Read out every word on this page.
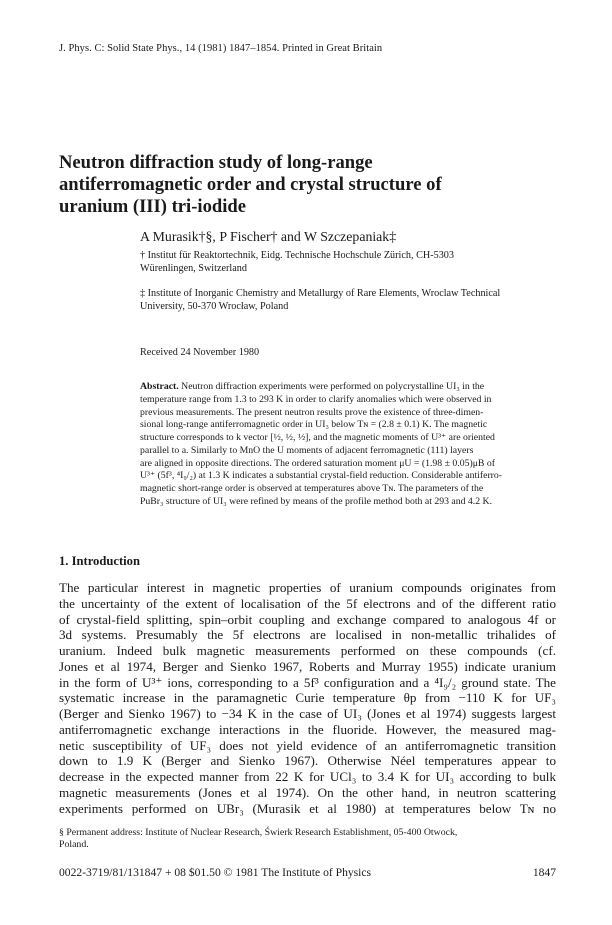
J. Phys. C: Solid State Phys., 14 (1981) 1847–1854. Printed in Great Britain
Neutron diffraction study of long-range
antiferromagnetic order and crystal structure of
uranium (III) tri-iodide
A Murasik†§, P Fischer† and W Szczepaniak‡
† Institut für Reaktortechnik, Eidg. Technische Hochschule Zürich, CH-5303
Würenlingen, Switzerland
‡ Institute of Inorganic Chemistry and Metallurgy of Rare Elements, Wroclaw Technical
University, 50-370 Wrocław, Poland
Received 24 November 1980
Abstract. Neutron diffraction experiments were performed on polycrystalline UI₃ in the
temperature range from 1.3 to 293 K in order to clarify anomalies which were observed in
previous measurements. The present neutron results prove the existence of three-dimen-
sional long-range antiferromagnetic order in UI₃ below Tɴ = (2.8 ± 0.1) K. The magnetic
structure corresponds to k vector [½, ½, ½], and the magnetic moments of U³⁺ are oriented
parallel to a. Similarly to MnO the U moments of adjacent ferromagnetic (111) layers
are aligned in opposite directions. The ordered saturation moment μU = (1.98 ± 0.05)μB of
U³⁺ (5f³, ⁴I₉/₂) at 1.3 K indicates a substantial crystal-field reduction. Considerable antiferro-
magnetic short-range order is observed at temperatures above Tɴ. The parameters of the
PuBr₃ structure of UI₃ were refined by means of the profile method both at 293 and 4.2 K.
1. Introduction
The particular interest in magnetic properties of uranium compounds originates from
the uncertainty of the extent of localisation of the 5f electrons and of the different ratio
of crystal-field splitting, spin–orbit coupling and exchange compared to analogous 4f or
3d systems. Presumably the 5f electrons are localised in non-metallic trihalides of
uranium. Indeed bulk magnetic measurements performed on these compounds (cf.
Jones et al 1974, Berger and Sienko 1967, Roberts and Murray 1955) indicate uranium
in the form of U³⁺ ions, corresponding to a 5f³ configuration and a ⁴I₉/₂ ground state. The
systematic increase in the paramagnetic Curie temperature θp from −110 K for UF₃
(Berger and Sienko 1967) to −34 K in the case of UI₃ (Jones et al 1974) suggests largest
antiferromagnetic exchange interactions in the fluoride. However, the measured mag-
netic susceptibility of UF₃ does not yield evidence of an antiferromagnetic transition
down to 1.9 K (Berger and Sienko 1967). Otherwise Néel temperatures appear to
decrease in the expected manner from 22 K for UCl₃ to 3.4 K for UI₃ according to bulk
magnetic measurements (Jones et al 1974). On the other hand, in neutron scattering
experiments performed on UBr₃ (Murasik et al 1980) at temperatures below Tɴ no
§ Permanent address: Institute of Nuclear Research, Świerk Research Establishment, 05-400 Otwock,
Poland.
0022-3719/81/131847 + 08 $01.50 © 1981 The Institute of Physics	1847
